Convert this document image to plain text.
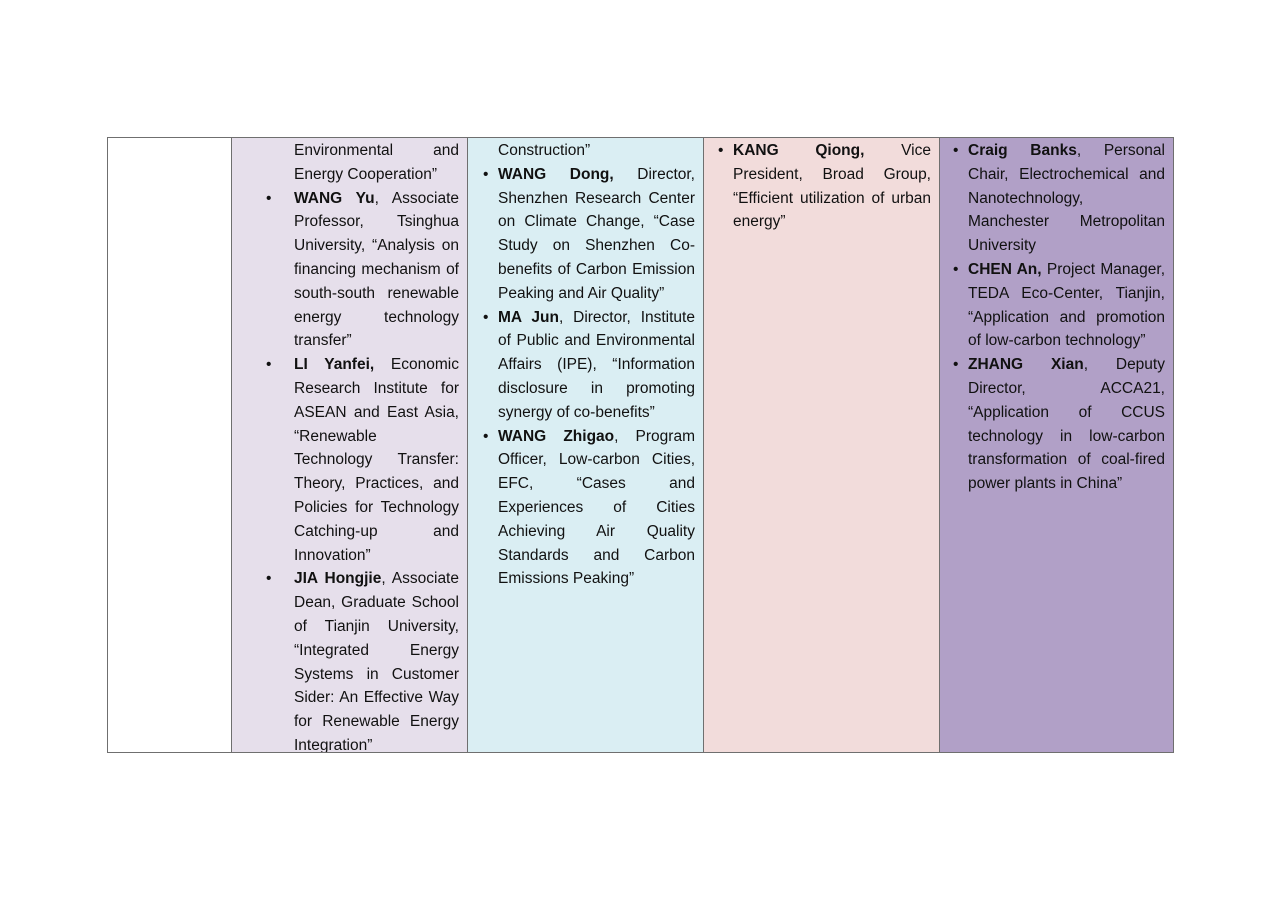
Environmental and Energy Cooperation”

• WANG Yu, Associate Professor, Tsinghua University, “Analysis on financing mechanism of south-south renewable energy technology transfer”
• LI Yanfei, Economic Research Institute for ASEAN and East Asia, “Renewable Technology Transfer: Theory, Practices, and Policies for Technology Catching-up and Innovation”
• JIA Hongjie, Associate Dean, Graduate School of Tianjin University, “Integrated Energy Systems in Customer Sider: An Effective Way for Renewable Energy Integration”

Construction”

• WANG Dong, Director, Shenzhen Research Center on Climate Change, “Case Study on Shenzhen Co-benefits of Carbon Emission Peaking and Air Quality”
• MA Jun, Director, Institute of Public and Environmental Affairs (IPE), “Information disclosure in promoting synergy of co-benefits”
• WANG Zhigao, Program Officer, Low-carbon Cities, EFC, “Cases and Experiences of Cities Achieving Air Quality Standards and Carbon Emissions Peaking”
• KANG Qiong, Vice President, Broad Group, “Efficient utilization of urban energy”
• Craig Banks, Personal Chair, Electrochemical and Nanotechnology, Manchester Metropolitan University
• CHEN An, Project Manager, TEDA Eco-Center, Tianjin, “Application and promotion of low-carbon technology”
• ZHANG Xian, Deputy Director, ACCA21, “Application of CCUS technology in low-carbon transformation of coal-fired power plants in China”
